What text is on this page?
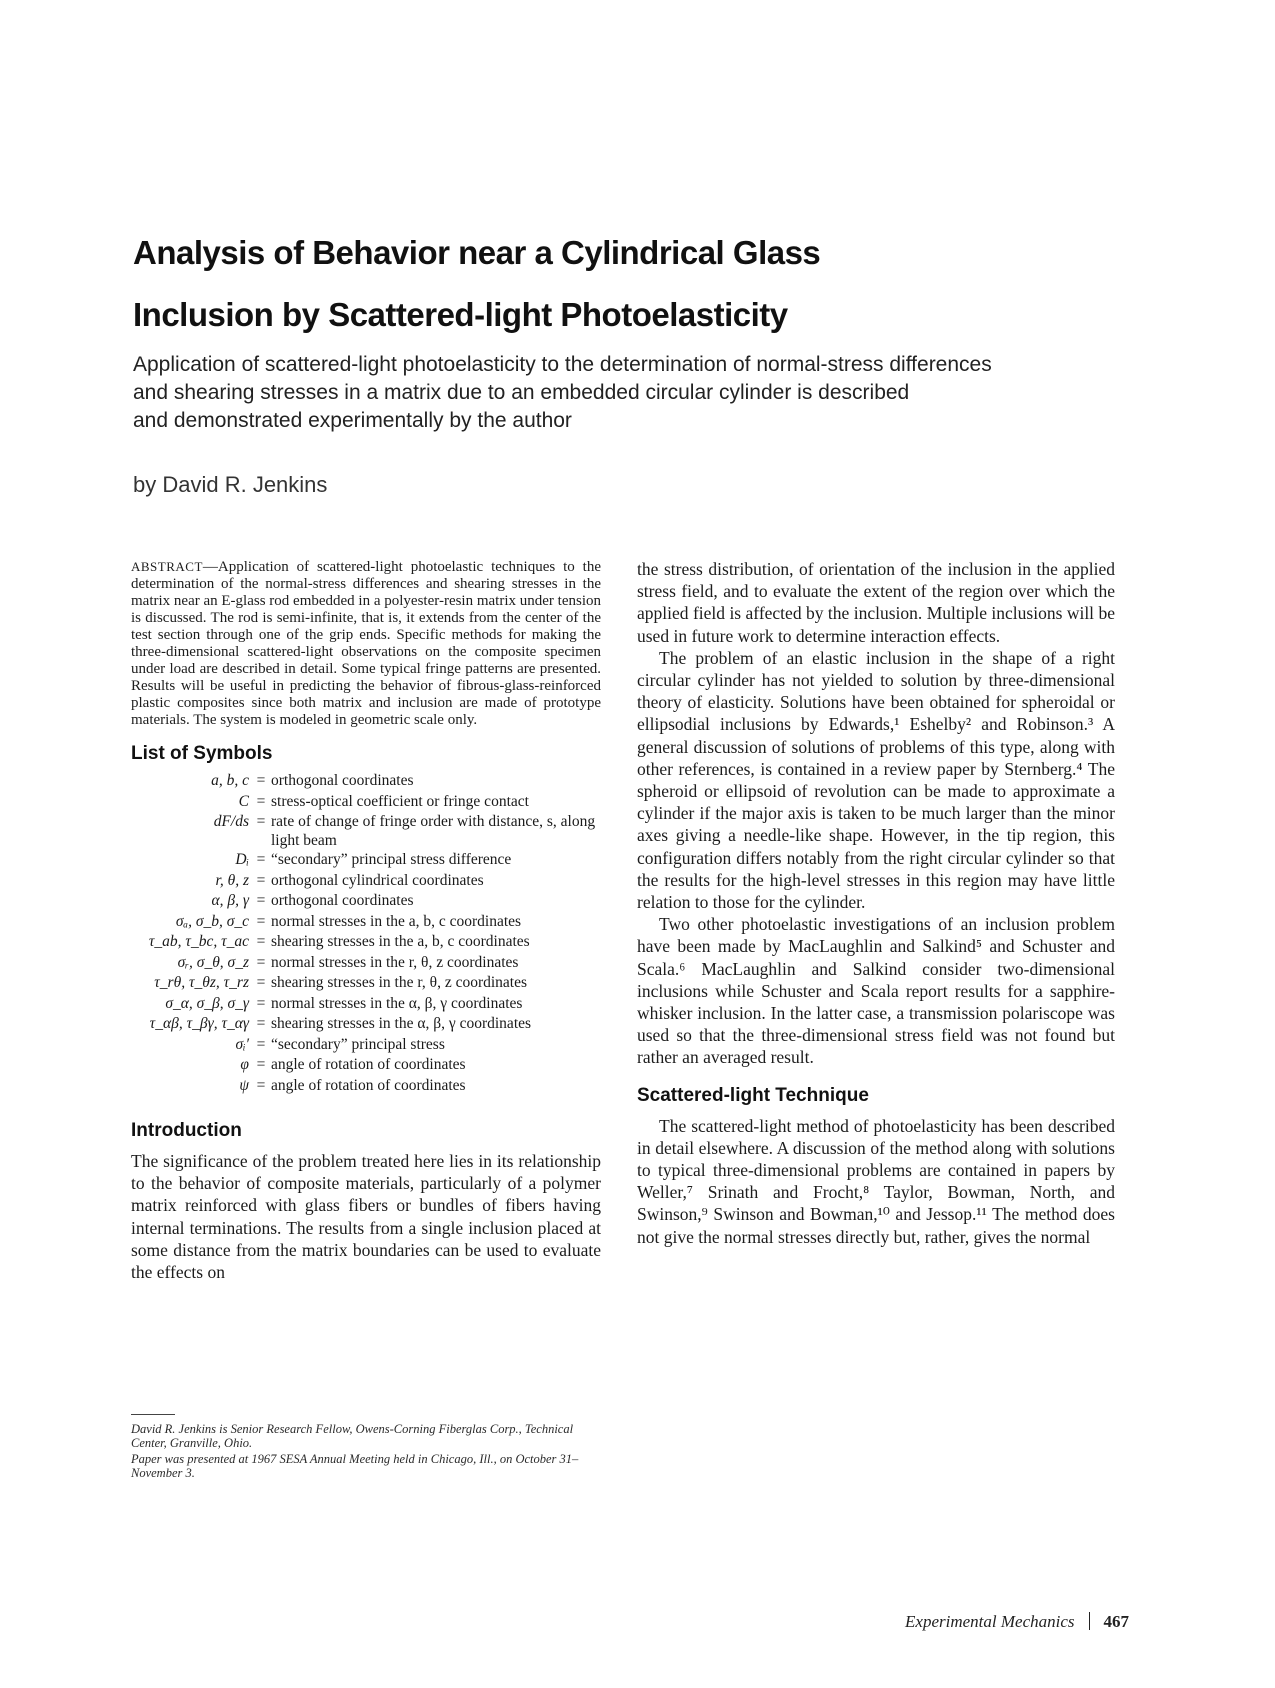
Analysis of Behavior near a Cylindrical Glass
Inclusion by Scattered-light Photoelasticity
Application of scattered-light photoelasticity to the determination of normal-stress differences
and shearing stresses in a matrix due to an embedded circular cylinder is described
and demonstrated experimentally by the author
by David R. Jenkins

ABSTRACT—Application of scattered-light photoelastic techniques to the determination of the normal-stress differences and shearing stresses in the matrix near an E-glass rod embedded in a polyester-resin matrix under tension is discussed. The rod is semi-infinite, that is, it extends from the center of the test section through one of the grip ends. Specific methods for making the three-dimensional scattered-light observations on the composite specimen under load are described in detail. Some typical fringe patterns are presented. Results will be useful in predicting the behavior of fibrous-glass-reinforced plastic composites since both matrix and inclusion are made of prototype materials. The system is modeled in geometric scale only.

List of Symbols
a, b, c = orthogonal coordinates
C = stress-optical coefficient or fringe contact
dF/ds = rate of change of fringe order with distance, s, along light beam
Dᵢ = “secondary” principal stress difference
r, θ, z = orthogonal cylindrical coordinates
α, β, γ = orthogonal coordinates
σₐ, σ_b, σ_c = normal stresses in the a, b, c coordinates
τ_ab, τ_bc, τ_ac = shearing stresses in the a, b, c coordinates
σᵣ, σ_θ, σ_z = normal stresses in the r, θ, z coordinates
τ_rθ, τ_θz, τ_rz = shearing stresses in the r, θ, z coordinates
σ_α, σ_β, σ_γ = normal stresses in the α, β, γ coordinates
τ_αβ, τ_βγ, τ_αγ = shearing stresses in the α, β, γ coordinates
σᵢ′ = “secondary” principal stress
φ = angle of rotation of coordinates
ψ = angle of rotation of coordinates
Introduction

The significance of the problem treated here lies in its relationship to the behavior of composite materials, particularly of a polymer matrix reinforced with glass fibers or bundles of fibers having internal terminations. The results from a single inclusion placed at some distance from the matrix boundaries can be used to evaluate the effects on

David R. Jenkins is Senior Research Fellow, Owens-Corning Fiberglas Corp., Technical Center, Granville, Ohio.
Paper was presented at 1967 SESA Annual Meeting held in Chicago, Ill., on October 31–November 3.

the stress distribution, of orientation of the inclusion in the applied stress field, and to evaluate the extent of the region over which the applied field is affected by the inclusion. Multiple inclusions will be used in future work to determine interaction effects.

The problem of an elastic inclusion in the shape of a right circular cylinder has not yielded to solution by three-dimensional theory of elasticity. Solutions have been obtained for spheroidal or ellipsodial inclusions by Edwards,¹ Eshelby² and Robinson.³ A general discussion of solutions of problems of this type, along with other references, is contained in a review paper by Sternberg.⁴ The spheroid or ellipsoid of revolution can be made to approximate a cylinder if the major axis is taken to be much larger than the minor axes giving a needle-like shape. However, in the tip region, this configuration differs notably from the right circular cylinder so that the results for the high-level stresses in this region may have little relation to those for the cylinder.

Two other photoelastic investigations of an inclusion problem have been made by MacLaughlin and Salkind⁵ and Schuster and Scala.⁶ MacLaughlin and Salkind consider two-dimensional inclusions while Schuster and Scala report results for a sapphire-whisker inclusion. In the latter case, a transmission polariscope was used so that the three-dimensional stress field was not found but rather an averaged result.

Scattered-light Technique

The scattered-light method of photoelasticity has been described in detail elsewhere. A discussion of the method along with solutions to typical three-dimensional problems are contained in papers by Weller,⁷ Srinath and Frocht,⁸ Taylor, Bowman, North, and Swinson,⁹ Swinson and Bowman,¹⁰ and Jessop.¹¹ The method does not give the normal stresses directly but, rather, gives the normal

Experimental Mechanics 467
